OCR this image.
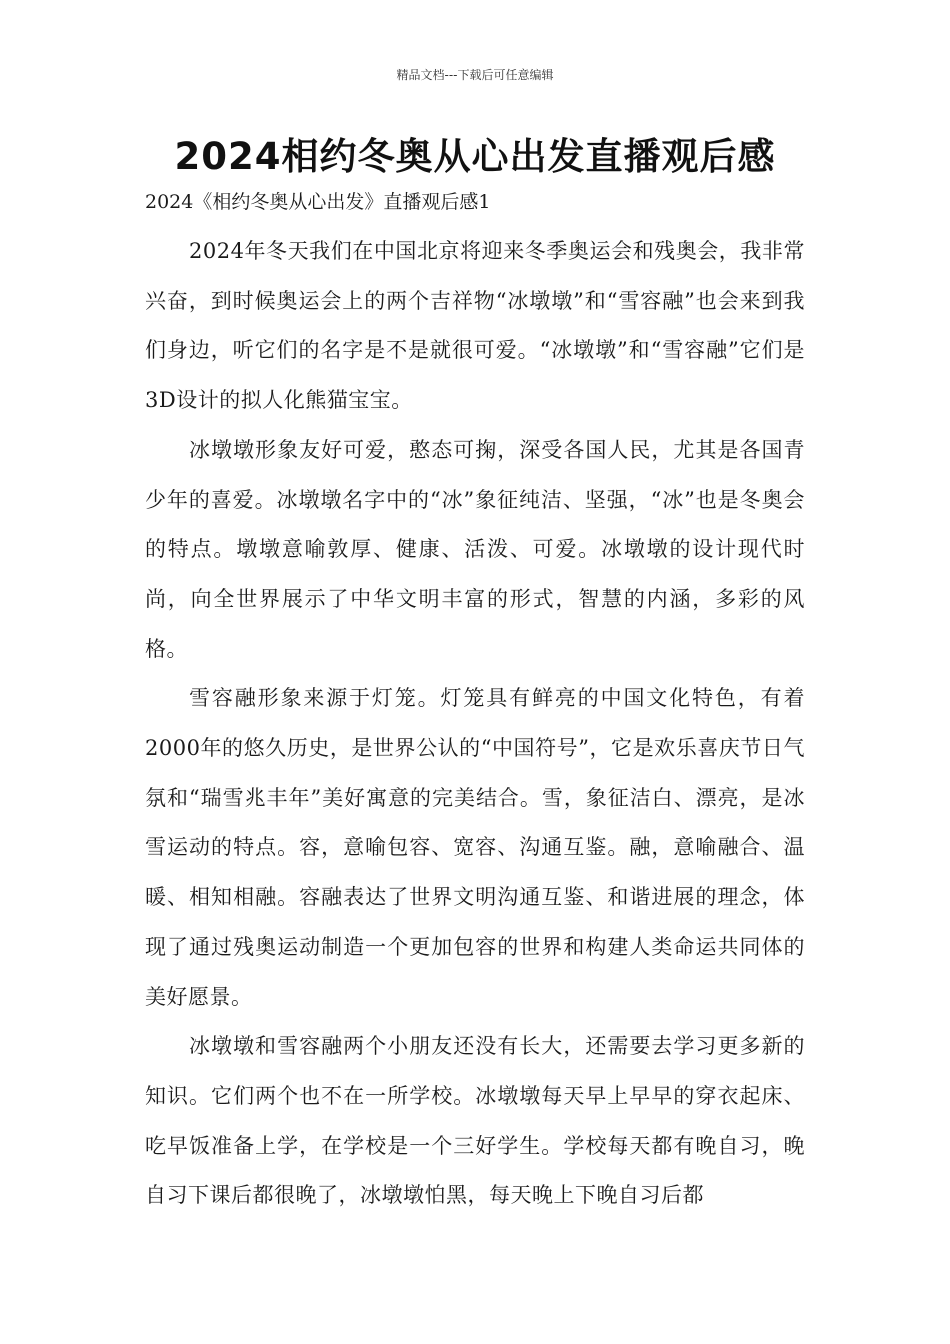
精品文档---下载后可任意编辑
2024相约冬奥从心出发直播观后感

2024《相约冬奥从心出发》直播观后感1

2024年冬天我们在中国北京将迎来冬季奥运会和残奥会，我非常兴奋，到时候奥运会上的两个吉祥物“冰墩墩”和“雪容融”也会来到我们身边，听它们的名字是不是就很可爱。“冰墩墩”和“雪容融”它们是3D设计的拟人化熊猫宝宝。

冰墩墩形象友好可爱，憨态可掬，深受各国人民，尤其是各国青少年的喜爱。冰墩墩名字中的“冰”象征纯洁、坚强，“冰”也是冬奥会的特点。墩墩意喻敦厚、健康、活泼、可爱。冰墩墩的设计现代时尚，向全世界展示了中华文明丰富的形式，智慧的内涵，多彩的风格。

雪容融形象来源于灯笼。灯笼具有鲜亮的中国文化特色，有着2000年的悠久历史，是世界公认的“中国符号”，它是欢乐喜庆节日气氛和“瑞雪兆丰年”美好寓意的完美结合。雪，象征洁白、漂亮，是冰雪运动的特点。容，意喻包容、宽容、沟通互鉴。融，意喻融合、温暖、相知相融。容融表达了世界文明沟通互鉴、和谐进展的理念，体现了通过残奥运动制造一个更加包容的世界和构建人类命运共同体的美好愿景。

冰墩墩和雪容融两个小朋友还没有长大，还需要去学习更多新的知识。它们两个也不在一所学校。冰墩墩每天早上早早的穿衣起床、吃早饭准备上学，在学校是一个三好学生。学校每天都有晚自习，晚自习下课后都很晚了，冰墩墩怕黑，每天晚上下晚自习后都
